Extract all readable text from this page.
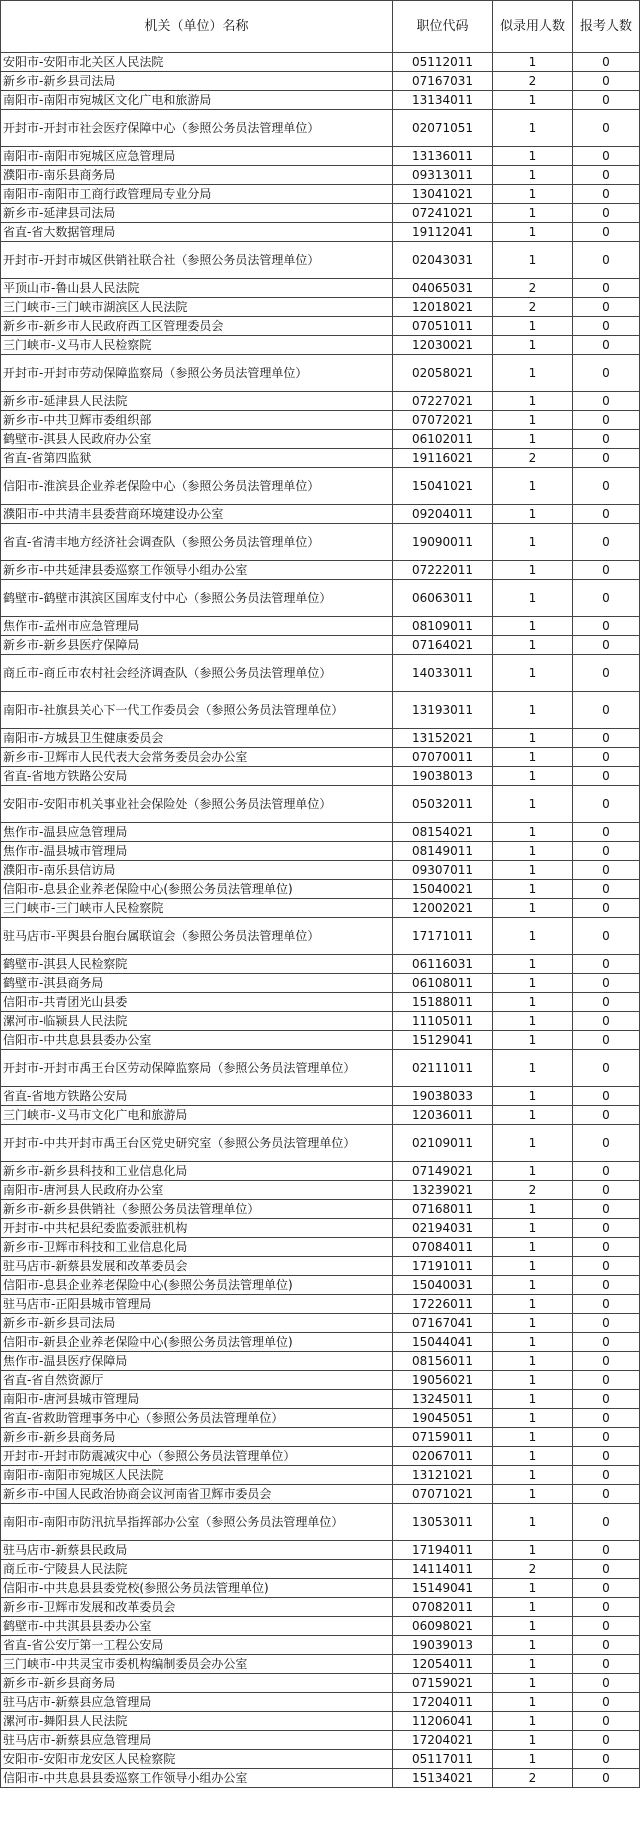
机关（单位）名称	职位代码	似录用人数	报考人数
安阳市-安阳市北关区人民法院	05112011	1	0
新乡市-新乡县司法局	07167031	2	0
南阳市-南阳市宛城区文化广电和旅游局	13134011	1	0
开封市-开封市社会医疗保障中心（参照公务员法管理单位）	02071051	1	0
南阳市-南阳市宛城区应急管理局	13136011	1	0
濮阳市-南乐县商务局	09313011	1	0
南阳市-南阳市工商行政管理局专业分局	13041021	1	0
新乡市-延津县司法局	07241021	1	0
省直-省大数据管理局	19112041	1	0
开封市-开封市城区供销社联合社（参照公务员法管理单位）	02043031	1	0
平顶山市-鲁山县人民法院	04065031	2	0
三门峡市-三门峡市湖滨区人民法院	12018021	2	0
新乡市-新乡市人民政府西工区管理委员会	07051011	1	0
三门峡市-义马市人民检察院	12030021	1	0
开封市-开封市劳动保障监察局（参照公务员法管理单位）	02058021	1	0
新乡市-延津县人民法院	07227021	1	0
新乡市-中共卫辉市委组织部	07072021	1	0
鹤壁市-淇县人民政府办公室	06102011	1	0
省直-省第四监狱	19116021	2	0
信阳市-淮滨县企业养老保险中心（参照公务员法管理单位）	15041021	1	0
濮阳市-中共清丰县委营商环境建设办公室	09204011	1	0
省直-省清丰地方经济社会调查队（参照公务员法管理单位）	19090011	1	0
新乡市-中共延津县委巡察工作领导小组办公室	07222011	1	0
鹤壁市-鹤壁市淇滨区国库支付中心（参照公务员法管理单位）	06063011	1	0
焦作市-孟州市应急管理局	08109011	1	0
新乡市-新乡县医疗保障局	07164021	1	0
商丘市-商丘市农村社会经济调查队（参照公务员法管理单位）	14033011	1	0
南阳市-社旗县关心下一代工作委员会（参照公务员法管理单位）	13193011	1	0
南阳市-方城县卫生健康委员会	13152021	1	0
新乡市-卫辉市人民代表大会常务委员会办公室	07070011	1	0
省直-省地方铁路公安局	19038013	1	0
安阳市-安阳市机关事业社会保险处（参照公务员法管理单位）	05032011	1	0
焦作市-温县应急管理局	08154021	1	0
焦作市-温县城市管理局	08149011	1	0
濮阳市-南乐县信访局	09307011	1	0
信阳市-息县企业养老保险中心(参照公务员法管理单位)	15040021	1	0
三门峡市-三门峡市人民检察院	12002021	1	0
驻马店市-平舆县台胞台属联谊会（参照公务员法管理单位）	17171011	1	0
鹤壁市-淇县人民检察院	06116031	1	0
鹤壁市-淇县商务局	06108011	1	0
信阳市-共青团光山县委	15188011	1	0
漯河市-临颍县人民法院	11105011	1	0
信阳市-中共息县县委办公室	15129041	1	0
开封市-开封市禹王台区劳动保障监察局（参照公务员法管理单位）	02111011	1	0
省直-省地方铁路公安局	19038033	1	0
三门峡市-义马市文化广电和旅游局	12036011	1	0
开封市-中共开封市禹王台区党史研究室（参照公务员法管理单位）	02109011	1	0
新乡市-新乡县科技和工业信息化局	07149021	1	0
南阳市-唐河县人民政府办公室	13239021	2	0
新乡市-新乡县供销社（参照公务员法管理单位）	07168011	1	0
开封市-中共杞县纪委监委派驻机构	02194031	1	0
新乡市-卫辉市科技和工业信息化局	07084011	1	0
驻马店市-新蔡县发展和改革委员会	17191011	1	0
信阳市-息县企业养老保险中心(参照公务员法管理单位)	15040031	1	0
驻马店市-正阳县城市管理局	17226011	1	0
新乡市-新乡县司法局	07167041	1	0
信阳市-新县企业养老保险中心(参照公务员法管理单位)	15044041	1	0
焦作市-温县医疗保障局	08156011	1	0
省直-省自然资源厅	19056021	1	0
南阳市-唐河县城市管理局	13245011	1	0
省直-省救助管理事务中心（参照公务员法管理单位）	19045051	1	0
新乡市-新乡县商务局	07159011	1	0
开封市-开封市防震减灾中心（参照公务员法管理单位）	02067011	1	0
南阳市-南阳市宛城区人民法院	13121021	1	0
新乡市-中国人民政治协商会议河南省卫辉市委员会	07071021	1	0
南阳市-南阳市防汛抗旱指挥部办公室（参照公务员法管理单位）	13053011	1	0
驻马店市-新蔡县民政局	17194011	1	0
商丘市-宁陵县人民法院	14114011	2	0
信阳市-中共息县县委党校(参照公务员法管理单位)	15149041	1	0
新乡市-卫辉市发展和改革委员会	07082011	1	0
鹤壁市-中共淇县县委办公室	06098021	1	0
省直-省公安厅第一工程公安局	19039013	1	0
三门峡市-中共灵宝市委机构编制委员会办公室	12054011	1	0
新乡市-新乡县商务局	07159021	1	0
驻马店市-新蔡县应急管理局	17204011	1	0
漯河市-舞阳县人民法院	11206041	1	0
驻马店市-新蔡县应急管理局	17204021	1	0
安阳市-安阳市龙安区人民检察院	05117011	1	0
信阳市-中共息县县委巡察工作领导小组办公室	15134021	2	0
